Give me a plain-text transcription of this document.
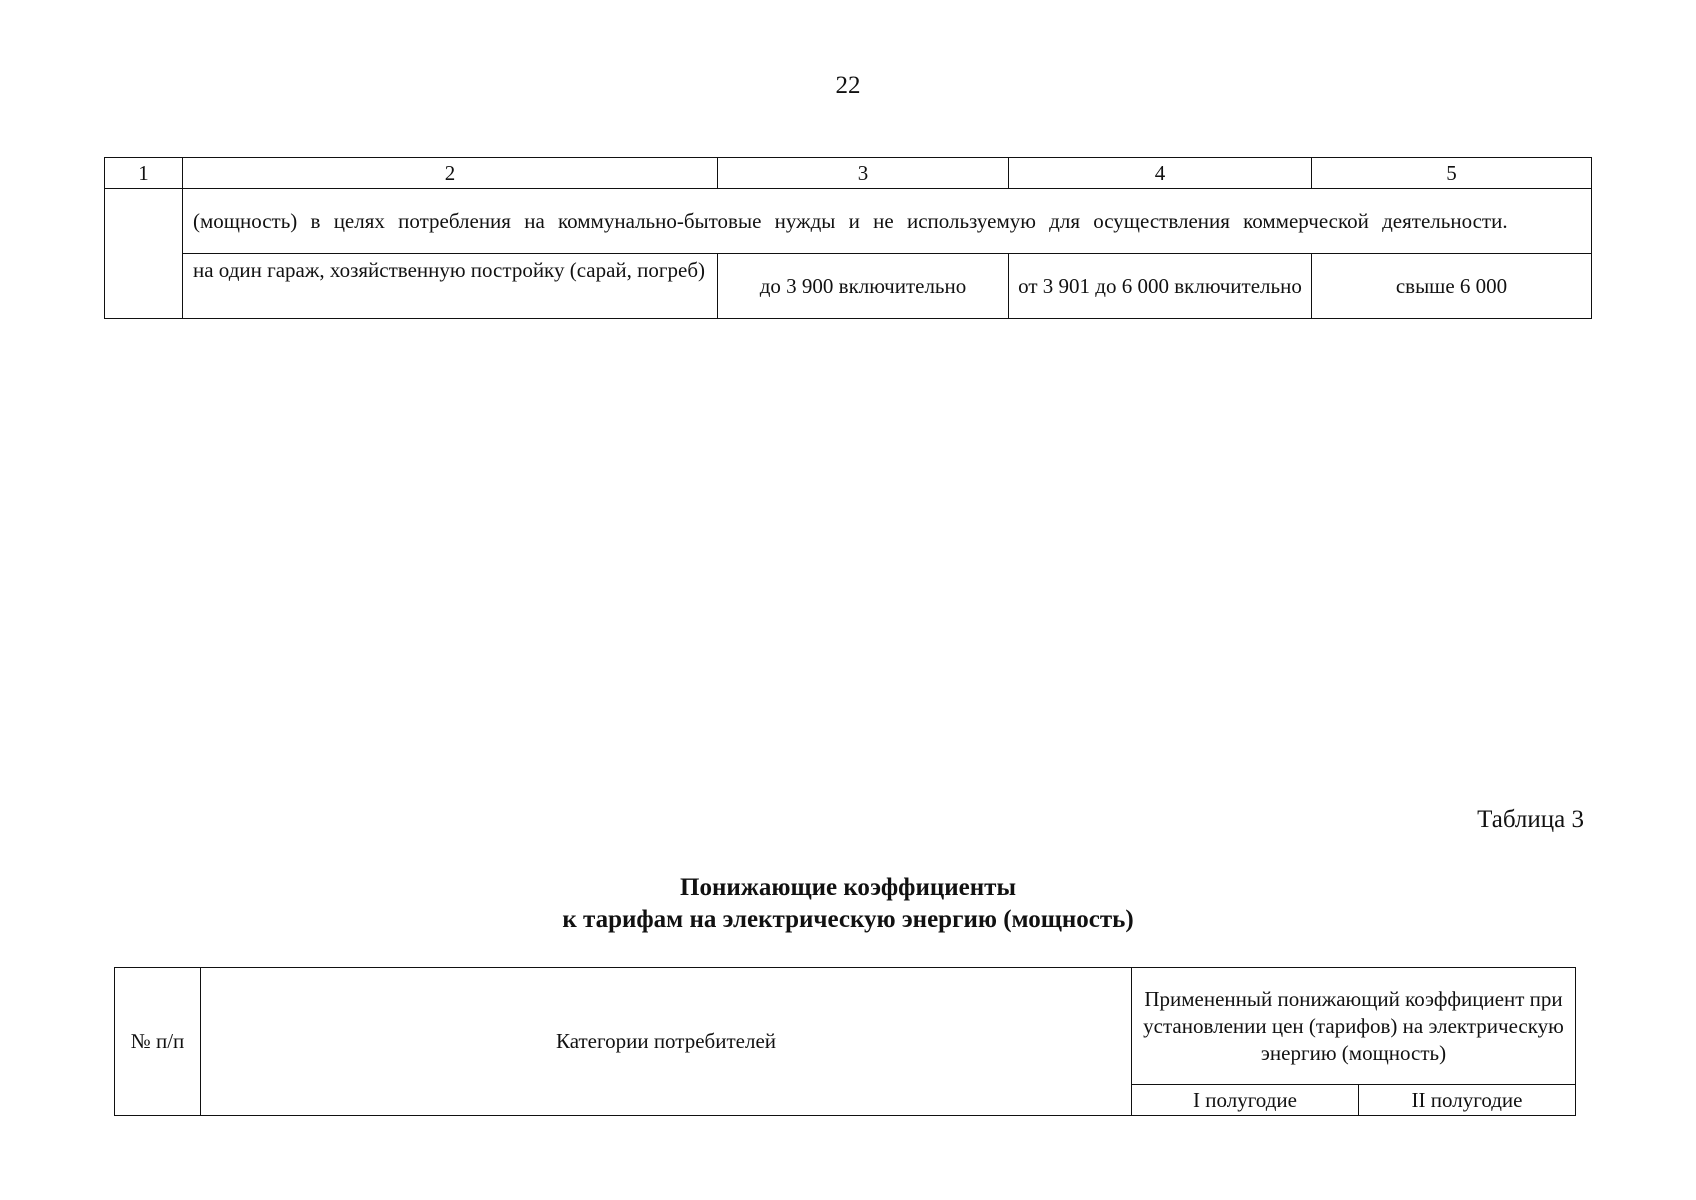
22
1	2	3	4	5
	(мощность) в целях потребления на коммунально-бытовые нужды и не используемую для осуществления коммерческой деятельности.			
	на один гараж, хозяйственную постройку (сарай, погреб)	до 3 900 включительно	от 3 901 до 6 000 включительно	свыше 6 000
Таблица 3
Понижающие коэффициенты
к тарифам на электрическую энергию (мощность)
№ п/п	Категории потребителей	Примененный понижающий коэффициент при установлении цен (тарифов) на электрическую энергию (мощность)	
		I полугодие	II полугодие
